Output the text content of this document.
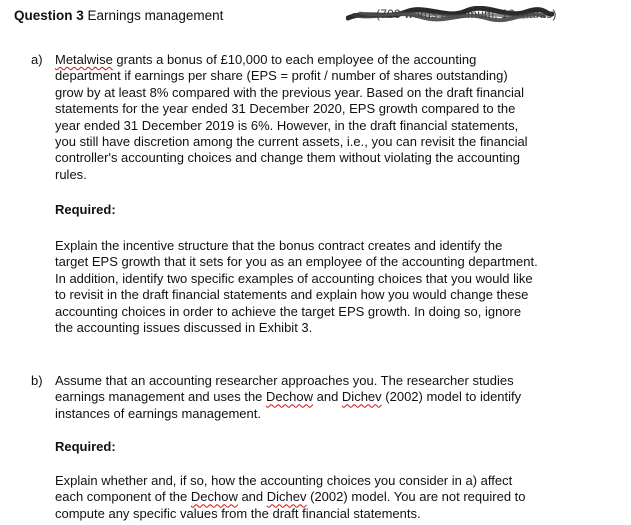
Question 3 Earnings management	(700 words maximum; 10 marks)
a) Metalwise grants a bonus of £10,000 to each employee of the accounting

department if earnings per share (EPS = profit / number of shares outstanding)

grow by at least 8% compared with the previous year. Based on the draft financial

statements for the year ended 31 December 2020, EPS growth compared to the

year ended 31 December 2019 is 6%. However, in the draft financial statements,

you still have discretion among the current assets, i.e., you can revisit the financial

controller's accounting choices and change them without violating the accounting

rules.

Required:

Explain the incentive structure that the bonus contract creates and identify the

target EPS growth that it sets for you as an employee of the accounting department.

In addition, identify two specific examples of accounting choices that you would like

to revisit in the draft financial statements and explain how you would change these

accounting choices in order to achieve the target EPS growth. In doing so, ignore

the accounting issues discussed in Exhibit 3.

b) Assume that an accounting researcher approaches you. The researcher studies

earnings management and uses the Dechow and Dichev (2002) model to identify

instances of earnings management.

Required:

Explain whether and, if so, how the accounting choices you consider in a) affect

each component of the Dechow and Dichev (2002) model. You are not required to

compute any specific values from the draft financial statements.
